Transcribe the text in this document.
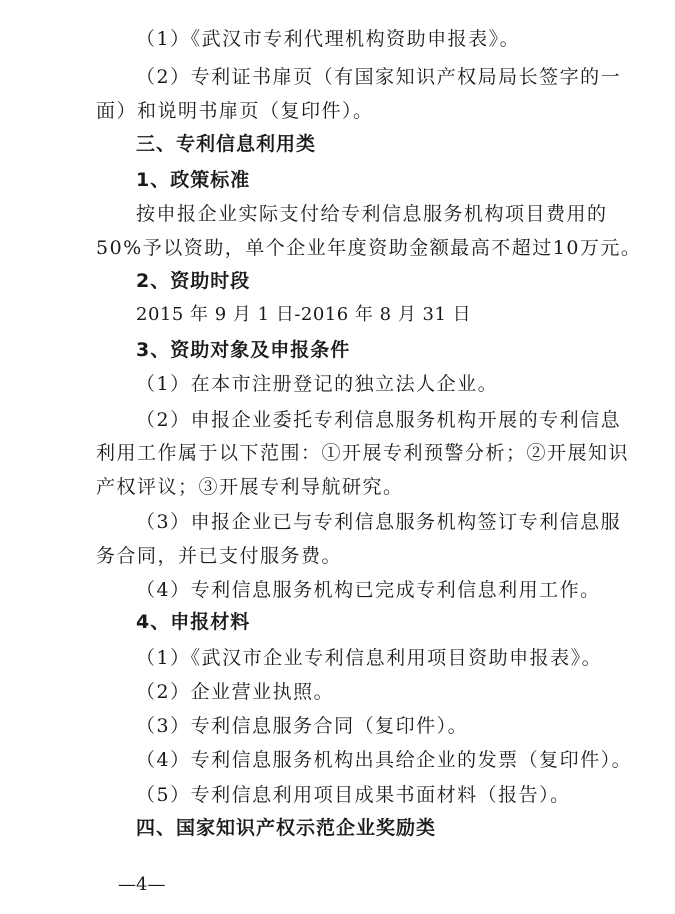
（1）《武汉市专利代理机构资助申报表》。
（2）专利证书扉页（有国家知识产权局局长签字的一
面）和说明书扉页（复印件）。
三、专利信息利用类
1、政策标准
按申报企业实际支付给专利信息服务机构项目费用的
50%予以资助，单个企业年度资助金额最高不超过10万元。
2、资助时段
2015 年 9 月 1 日-2016 年 8 月 31 日
3、资助对象及申报条件
（1）在本市注册登记的独立法人企业。
（2）申报企业委托专利信息服务机构开展的专利信息
利用工作属于以下范围：①开展专利预警分析；②开展知识
产权评议；③开展专利导航研究。
（3）申报企业已与专利信息服务机构签订专利信息服
务合同，并已支付服务费。
（4）专利信息服务机构已完成专利信息利用工作。
4、申报材料
（1）《武汉市企业专利信息利用项目资助申报表》。
（2）企业营业执照。
（3）专利信息服务合同（复印件）。
（4）专利信息服务机构出具给企业的发票（复印件）。
（5）专利信息利用项目成果书面材料（报告）。
四、国家知识产权示范企业奖励类
—4—
